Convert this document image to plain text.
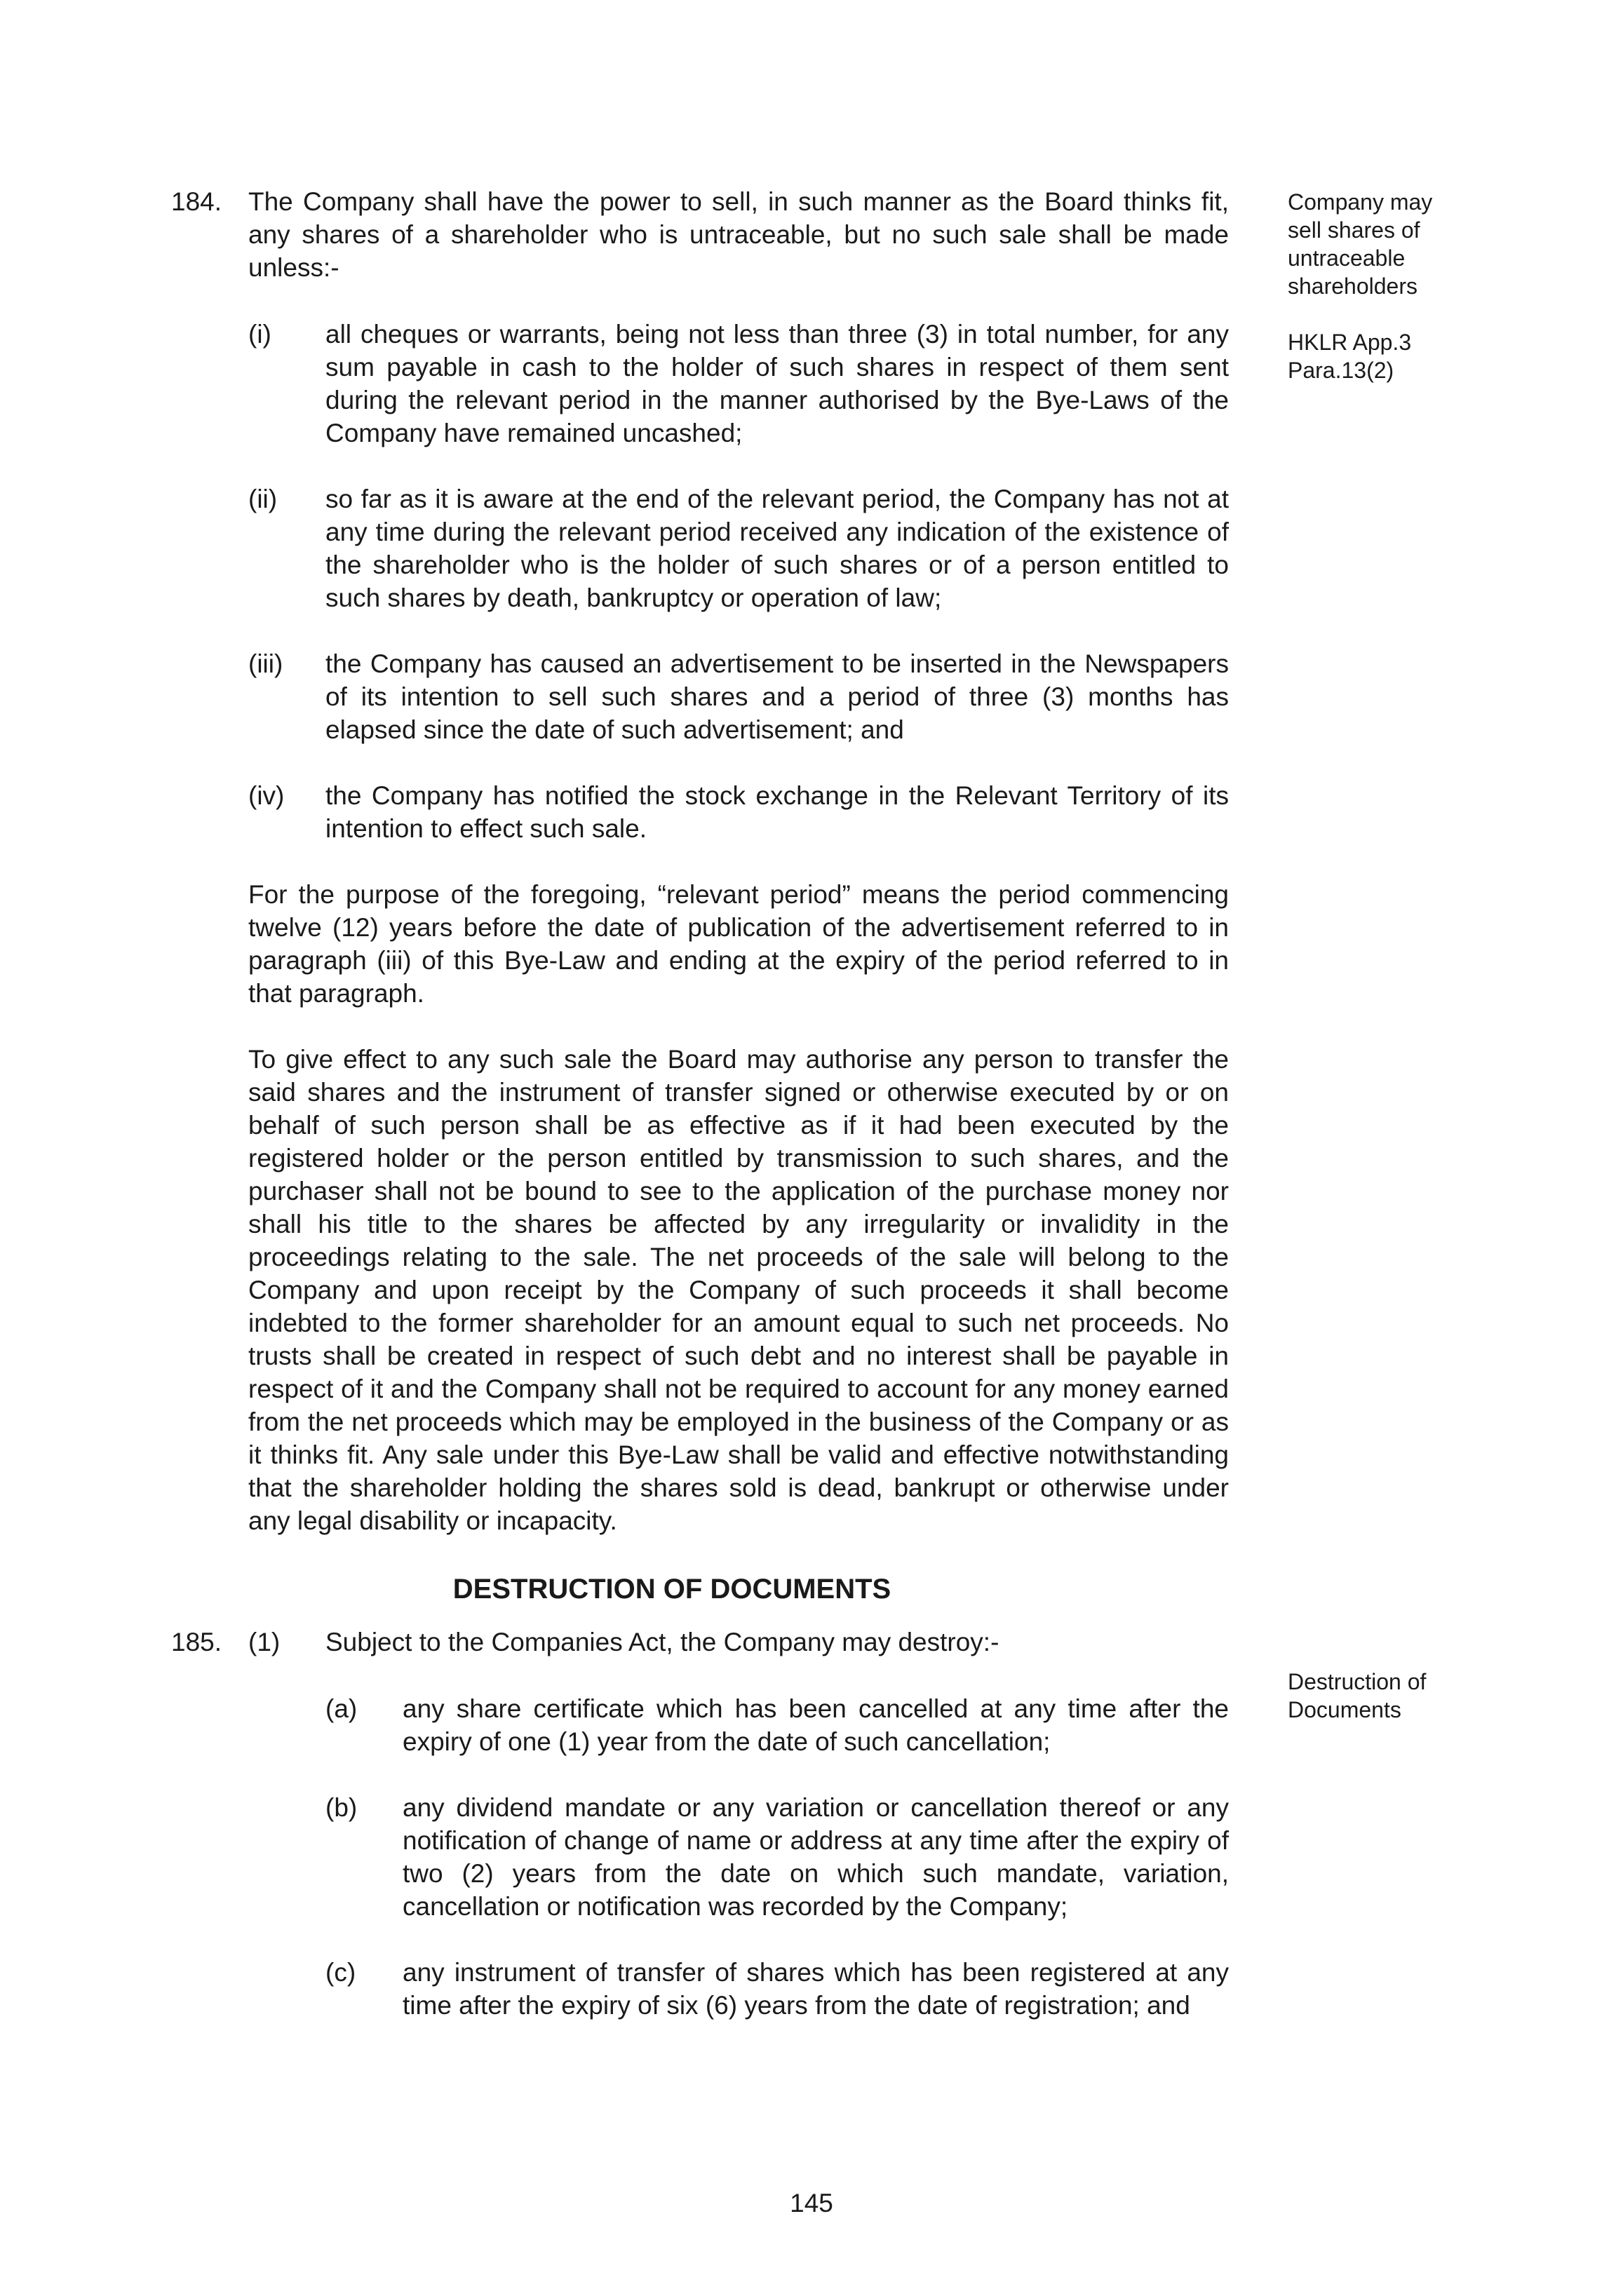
Company may sell shares of untraceable shareholders
HKLR App.3
Para.13(2)
Destruction of
Documents
184. The Company shall have the power to sell, in such manner as the Board thinks fit, any shares of a shareholder who is untraceable, but no such sale shall be made unless:-
(i) all cheques or warrants, being not less than three (3) in total number, for any sum payable in cash to the holder of such shares in respect of them sent during the relevant period in the manner authorised by the Bye-Laws of the Company have remained uncashed;
(ii) so far as it is aware at the end of the relevant period, the Company has not at any time during the relevant period received any indication of the existence of the shareholder who is the holder of such shares or of a person entitled to such shares by death, bankruptcy or operation of law;
(iii) the Company has caused an advertisement to be inserted in the Newspapers of its intention to sell such shares and a period of three (3) months has elapsed since the date of such advertisement; and
(iv) the Company has notified the stock exchange in the Relevant Territory of its intention to effect such sale.
For the purpose of the foregoing, “relevant period” means the period commencing twelve (12) years before the date of publication of the advertisement referred to in paragraph (iii) of this Bye-Law and ending at the expiry of the period referred to in that paragraph.
To give effect to any such sale the Board may authorise any person to transfer the said shares and the instrument of transfer signed or otherwise executed by or on behalf of such person shall be as effective as if it had been executed by the registered holder or the person entitled by transmission to such shares, and the purchaser shall not be bound to see to the application of the purchase money nor shall his title to the shares be affected by any irregularity or invalidity in the proceedings relating to the sale. The net proceeds of the sale will belong to the Company and upon receipt by the Company of such proceeds it shall become indebted to the former shareholder for an amount equal to such net proceeds. No trusts shall be created in respect of such debt and no interest shall be payable in respect of it and the Company shall not be required to account for any money earned from the net proceeds which may be employed in the business of the Company or as it thinks fit. Any sale under this Bye-Law shall be valid and effective notwithstanding that the shareholder holding the shares sold is dead, bankrupt or otherwise under any legal disability or incapacity.
DESTRUCTION OF DOCUMENTS
185. (1) Subject to the Companies Act, the Company may destroy:-
(a) any share certificate which has been cancelled at any time after the expiry of one (1) year from the date of such cancellation;
(b) any dividend mandate or any variation or cancellation thereof or any notification of change of name or address at any time after the expiry of two (2) years from the date on which such mandate, variation, cancellation or notification was recorded by the Company;
(c) any instrument of transfer of shares which has been registered at any time after the expiry of six (6) years from the date of registration; and
145
